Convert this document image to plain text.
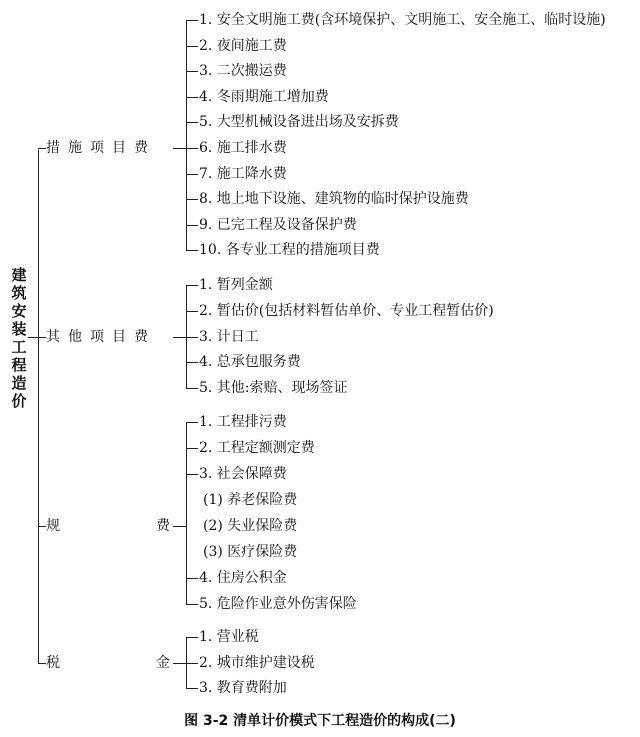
建筑安装工程造价
措施项目费
1. 安全文明施工费(含环境保护、文明施工、安全施工、临时设施)
2. 夜间施工费
3. 二次搬运费
4. 冬雨期施工增加费
5. 大型机械设备进出场及安拆费
6. 施工排水费
7. 施工降水费
8. 地上地下设施、建筑物的临时保护设施费
9. 已完工程及设备保护费
10. 各专业工程的措施项目费
其他项目费
1. 暂列金额
2. 暂估价(包括材料暂估单价、专业工程暂估价)
3. 计日工
4. 总承包服务费
5. 其他:索赔、现场签证
规	费
1. 工程排污费
2. 工程定额测定费
3. 社会保障费
(1) 养老保险费
(2) 失业保险费
(3) 医疗保险费
4. 住房公积金
5. 危险作业意外伤害保险
税	金
1. 营业税
2. 城市维护建设税
3. 教育费附加
图 3-2 清单计价模式下工程造价的构成(二)
